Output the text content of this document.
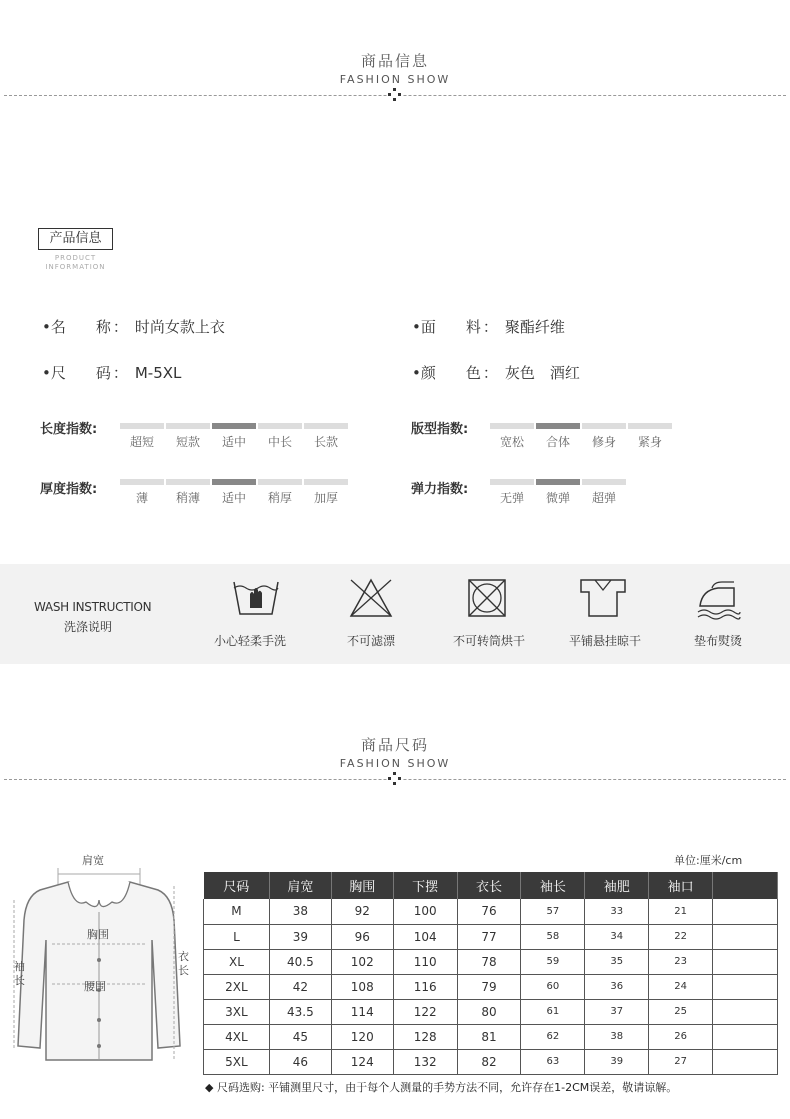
商品信息
FASHION SHOW
产品信息
PRODUCT
INFORMATION
•名　　称 ： 时尚女款上衣	•面　　料 ： 聚酯纤维
•尺　　码 ： M-5XL	•颜　　色 ： 灰色　酒红
长度指数:
超短	短款	适中	中长	长款
版型指数:
宽松	合体	修身	紧身
厚度指数:
薄	稍薄	适中	稍厚	加厚
弹力指数:
无弹	微弹	超弹
WASH INSTRUCTION
洗涤说明
小心轻柔手洗	不可滤漂	不可转筒烘干	平铺悬挂晾干	垫布熨烫
商品尺码
FASHION SHOW
肩宽
胸围
腰围
袖长
衣长
单位:厘米/cm
尺码	肩宽	胸围	下摆	衣长	袖长	袖肥	袖口	
M	38	92	100	76	57	33	21	
L	39	96	104	77	58	34	22	
XL	40.5	102	110	78	59	35	23	
2XL	42	108	116	79	60	36	24	
3XL	43.5	114	122	80	61	37	25	
4XL	45	120	128	81	62	38	26	
5XL	46	124	132	82	63	39	27	
◆ 尺码选购: 平铺测里尺寸，由于每个人测量的手势方法不同，允许存在1-2CM误差，敬请谅解。
